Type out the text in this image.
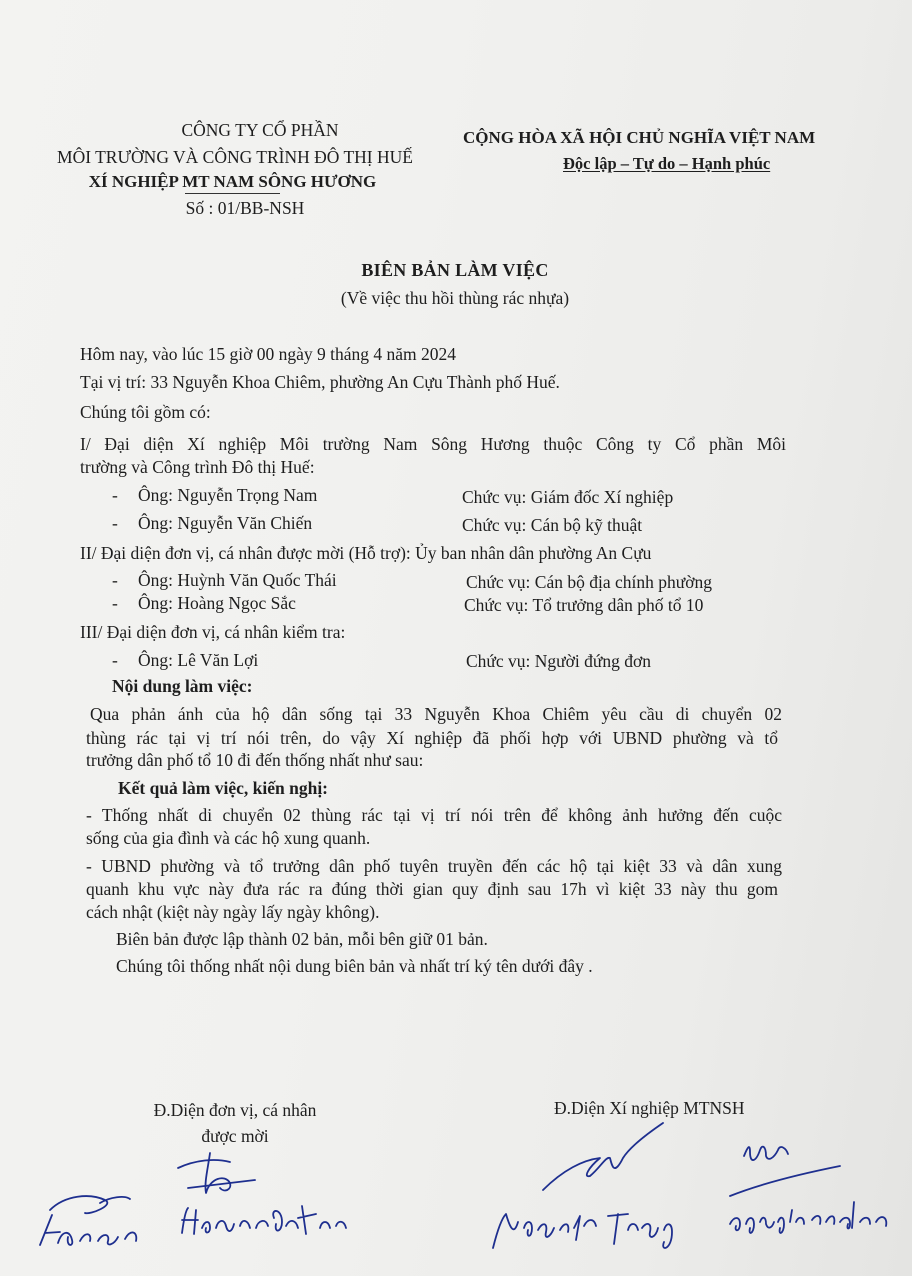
CÔNG TY CỔ PHẦN
MÔI TRƯỜNG VÀ CÔNG TRÌNH ĐÔ THỊ HUẾ
XÍ NGHIỆP MT NAM SÔNG HƯƠNG
Số : 01/BB-NSH
CỘNG HÒA XÃ HỘI CHỦ NGHĨA VIỆT NAM
Độc lập – Tự do – Hạnh phúc
BIÊN BẢN LÀM VIỆC
(Về việc thu hồi thùng rác nhựa)
Hôm nay, vào lúc 15 giờ 00 ngày 9 tháng 4 năm 2024
Tại vị trí: 33 Nguyễn Khoa Chiêm, phường An Cựu Thành phố Huế.
Chúng tôi gồm có:
I/ Đại diện Xí nghiệp Môi trường Nam Sông Hương thuộc Công ty Cổ phần Môi
trường và Công trình Đô thị Huế:
- Ông: Nguyễn Trọng Nam	Chức vụ: Giám đốc Xí nghiệp
- Ông: Nguyễn Văn Chiến	Chức vụ: Cán bộ kỹ thuật
II/ Đại diện đơn vị, cá nhân được mời (Hỗ trợ): Ủy ban nhân dân phường An Cựu
- Ông: Huỳnh Văn Quốc Thái	Chức vụ: Cán bộ địa chính phường
- Ông: Hoàng Ngọc Sắc	Chức vụ: Tổ trưởng dân phố tổ 10
III/ Đại diện đơn vị, cá nhân kiểm tra:
- Ông: Lê Văn Lợi	Chức vụ: Người đứng đơn
Nội dung làm việc:
Qua phản ánh của hộ dân sống tại 33 Nguyễn Khoa Chiêm yêu cầu di chuyển 02
thùng rác tại vị trí nói trên, do vậy Xí nghiệp đã phối hợp với UBND phường và tổ
trưởng dân phố tổ 10 đi đến thống nhất như sau:
Kết quả làm việc, kiến nghị:
- Thống nhất di chuyển 02 thùng rác tại vị trí nói trên để không ảnh hưởng đến cuộc
sống của gia đình và các hộ xung quanh.
- UBND phường và tổ trưởng dân phố tuyên truyền đến các hộ tại kiệt 33 và dân xung
quanh khu vực này đưa rác ra đúng thời gian quy định sau 17h vì kiệt 33 này thu gom
cách nhật (kiệt này ngày lấy ngày không).
Biên bản được lập thành 02 bản, mỗi bên giữ 01 bản.
Chúng tôi thống nhất nội dung biên bản và nhất trí ký tên dưới đây .
Đ.Diện đơn vị, cá nhân
được mời
Đ.Diện Xí nghiệp MTNSH
